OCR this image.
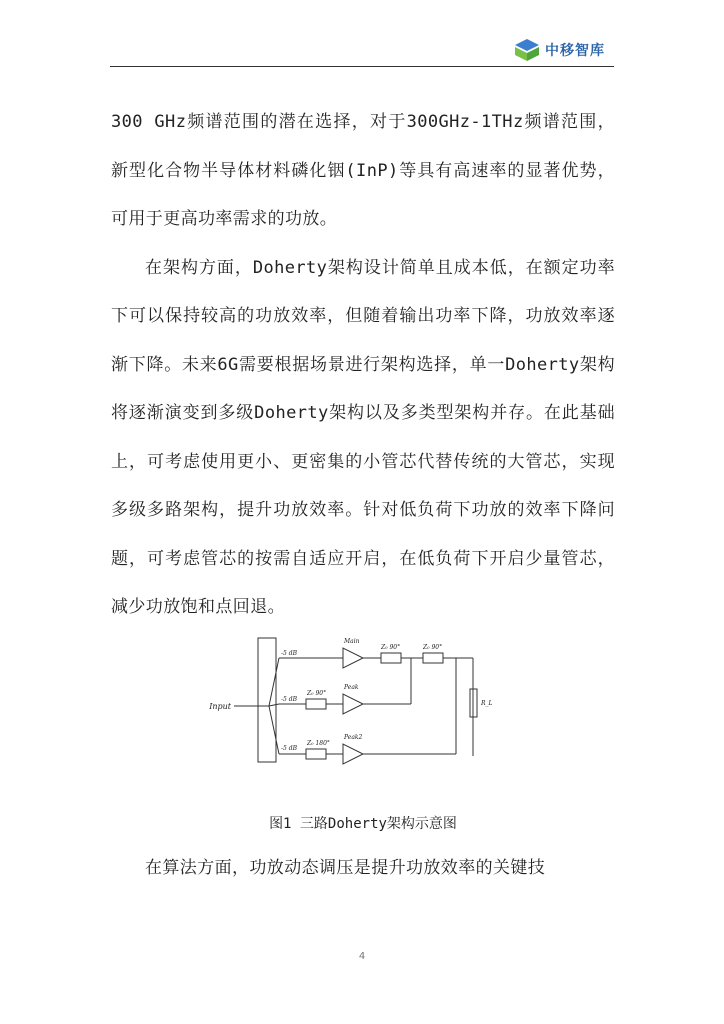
中移智库

300 GHz频谱范围的潜在选择，对于300GHz-1THz频谱范围，新型化合物半导体材料磷化铟(InP)等具有高速率的显著优势，可用于更高功率需求的功放。

在架构方面，Doherty架构设计简单且成本低，在额定功率下可以保持较高的功放效率，但随着输出功率下降，功放效率逐渐下降。未来6G需要根据场景进行架构选择，单一Doherty架构将逐渐演变到多级Doherty架构以及多类型架构并存。在此基础上，可考虑使用更小、更密集的小管芯代替传统的大管芯，实现多级多路架构，提升功放效率。针对低负荷下功放的效率下降问题，可考虑管芯的按需自适应开启，在低负荷下开启少量管芯，减少功放饱和点回退。

Input
-5 dB
-5 dB
-5 dB
Main
Z₀ 90°	Z₀ 90°
Z₀ 90°
Peak
Z₀ 180°
Peak2
R_L
图1 三路Doherty架构示意图

在算法方面，功放动态调压是提升功放效率的关键技

4
